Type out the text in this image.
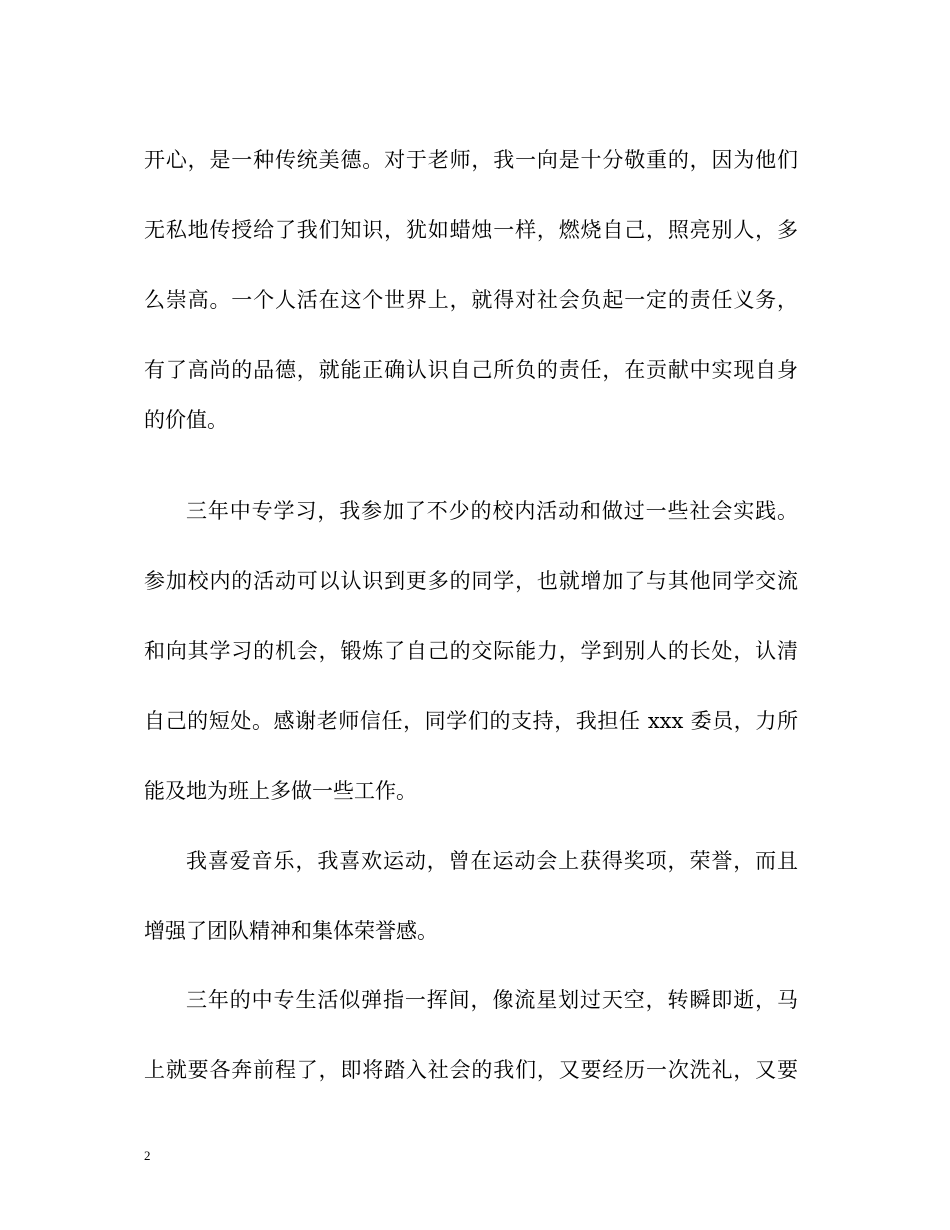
开心，是一种传统美德。对于老师，我一向是十分敬重的，因为他们
无私地传授给了我们知识，犹如蜡烛一样，燃烧自己，照亮别人，多
么崇高。一个人活在这个世界上，就得对社会负起一定的责任义务，
有了高尚的品德，就能正确认识自己所负的责任，在贡献中实现自身
的价值。
三年中专学习，我参加了不少的校内活动和做过一些社会实践。
参加校内的活动可以认识到更多的同学，也就增加了与其他同学交流
和向其学习的机会，锻炼了自己的交际能力，学到别人的长处，认清
自己的短处。感谢老师信任，同学们的支持，我担任 xxx 委员，力所
能及地为班上多做一些工作。
我喜爱音乐，我喜欢运动，曾在运动会上获得奖项，荣誉，而且
增强了团队精神和集体荣誉感。
三年的中专生活似弹指一挥间，像流星划过天空，转瞬即逝，马
上就要各奔前程了，即将踏入社会的我们，又要经历一次洗礼，又要
2
